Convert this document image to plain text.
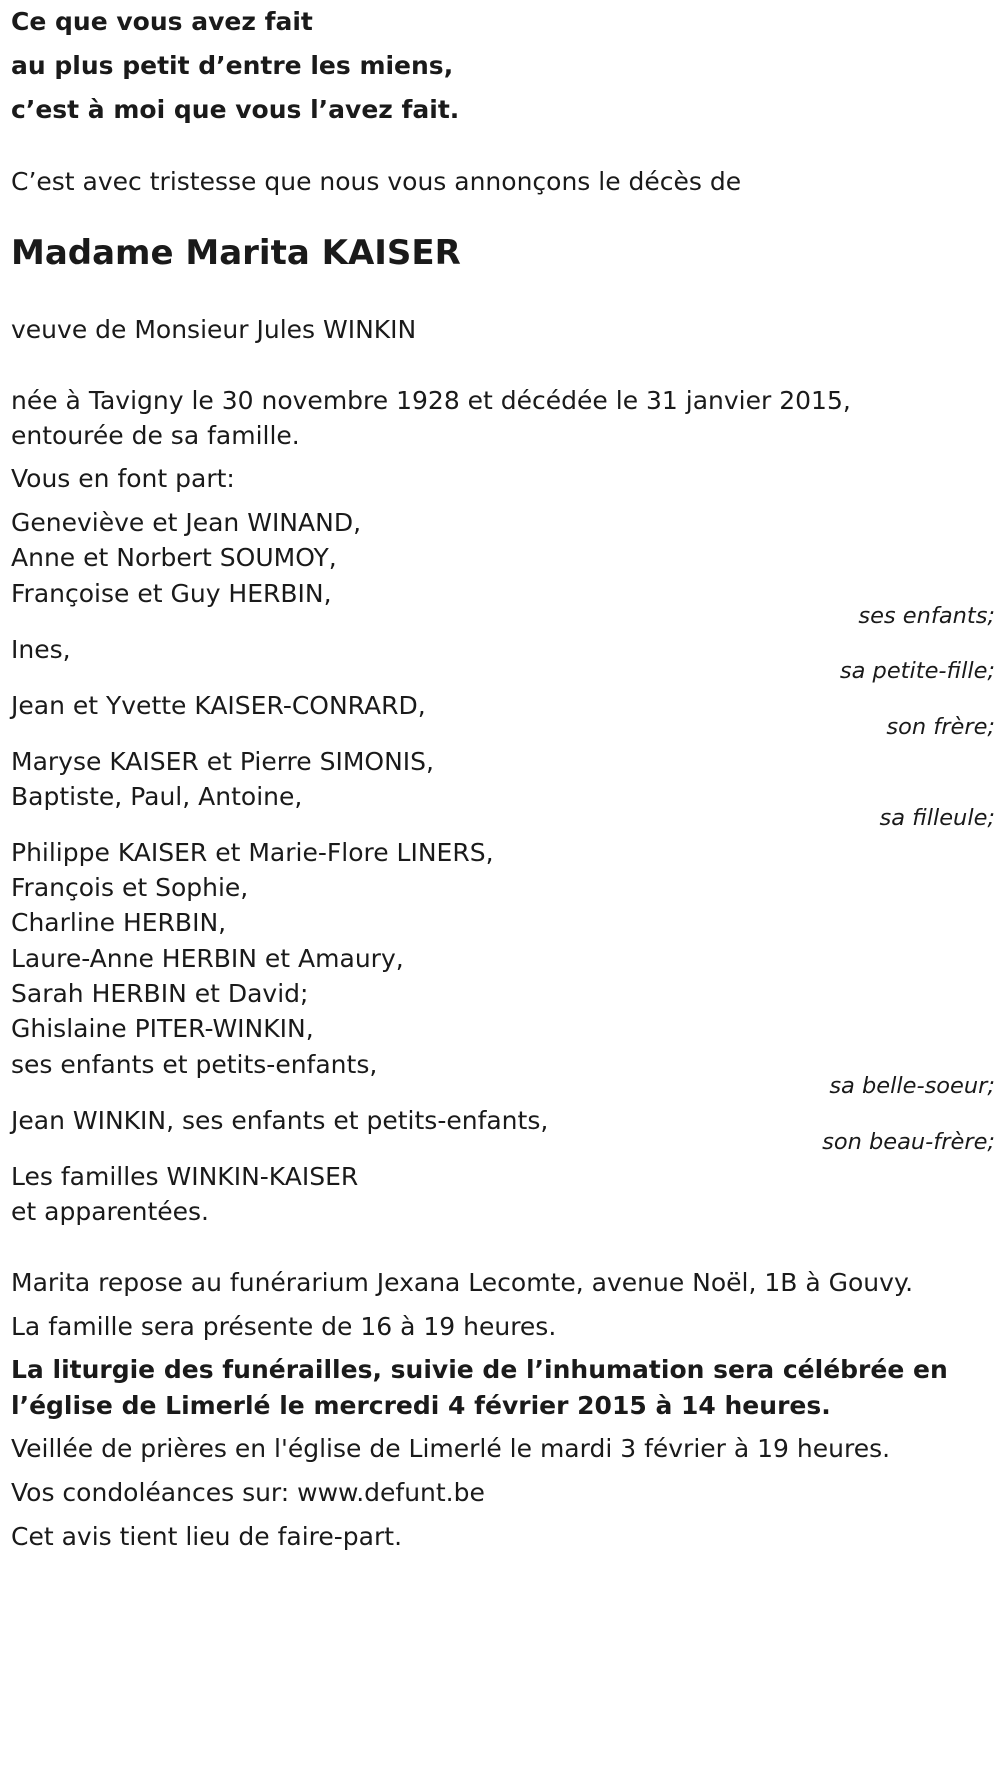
Ce que vous avez fait

au plus petit d’entre les miens,

c’est à moi que vous l’avez fait.

C’est avec tristesse que nous vous annonçons le décès de

Madame Marita KAISER

veuve de Monsieur Jules WINKIN

née à Tavigny le 30 novembre 1928 et décédée le 31 janvier 2015,

entourée de sa famille.

Vous en font part:

Geneviève et Jean WINAND,

Anne et Norbert SOUMOY,

Françoise et Guy HERBIN,

ses enfants;

Ines,

sa petite-fille;

Jean et Yvette KAISER-CONRARD,

son frère;

Maryse KAISER et Pierre SIMONIS,

Baptiste, Paul, Antoine,

sa filleule;

Philippe KAISER et Marie-Flore LINERS,

François et Sophie,

Charline HERBIN,

Laure-Anne HERBIN et Amaury,

Sarah HERBIN et David;

Ghislaine PITER-WINKIN,

ses enfants et petits-enfants,

sa belle-soeur;

Jean WINKIN, ses enfants et petits-enfants,

son beau-frère;

Les familles WINKIN-KAISER

et apparentées.

Marita repose au funérarium Jexana Lecomte, avenue Noël, 1B à Gouvy.

La famille sera présente de 16 à 19 heures.

La liturgie des funérailles, suivie de l’inhumation sera célébrée en

l’église de Limerlé le mercredi 4 février 2015 à 14 heures.

Veillée de prières en l'église de Limerlé le mardi 3 février à 19 heures.

Vos condoléances sur: www.defunt.be

Cet avis tient lieu de faire-part.
